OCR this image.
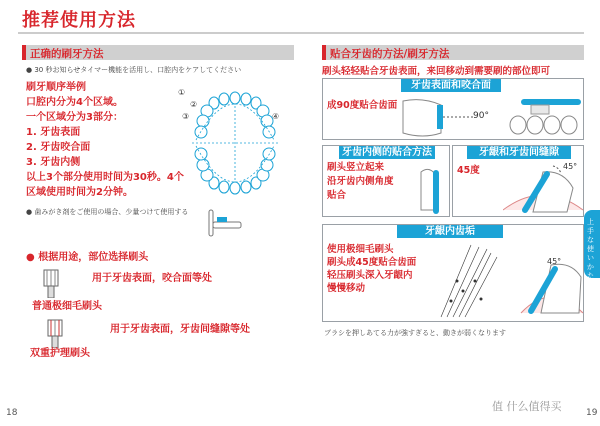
推荐使用方法
正确的刷牙方法
● 30 秒お知らせタイマー機能を活用し、口腔内をケアしてください
刷牙顺序举例
口腔内分为4个区域。
一个区域分为3部分：
1. 牙齿表面
2. 牙齿咬合面
3. 牙齿内侧
以上3个部分使用时间为30秒。4个
区域使用时间为2分钟。
①
②
③	④
● 歯みがき剤をご使用の場合、少量つけて使用する
● 根据用途，部位选择刷头
用于牙齿表面，咬合面等处
普通极细毛刷头
用于牙齿表面，牙齿间缝隙等处
双重护理刷头
18
贴合牙齿的方法/刷牙方法
刷头轻轻贴合牙齿表面，来回移动到需要刷的部位即可
牙齿表面和咬合面
成90度贴合齿面
90°
牙齿内侧的贴合方法
刷头竖立起来
沿牙齿内侧角度
贴合
牙龈和牙齿间缝隙
45度	45°
牙龈内齿垢
使用极细毛刷头
刷头成45度贴合齿面
轻压刷头深入牙龈内
慢慢移动
45°
ブラシを押しあてる力が強すぎると、動きが弱くなります
上手な使いかた
值 什么值得买	19
